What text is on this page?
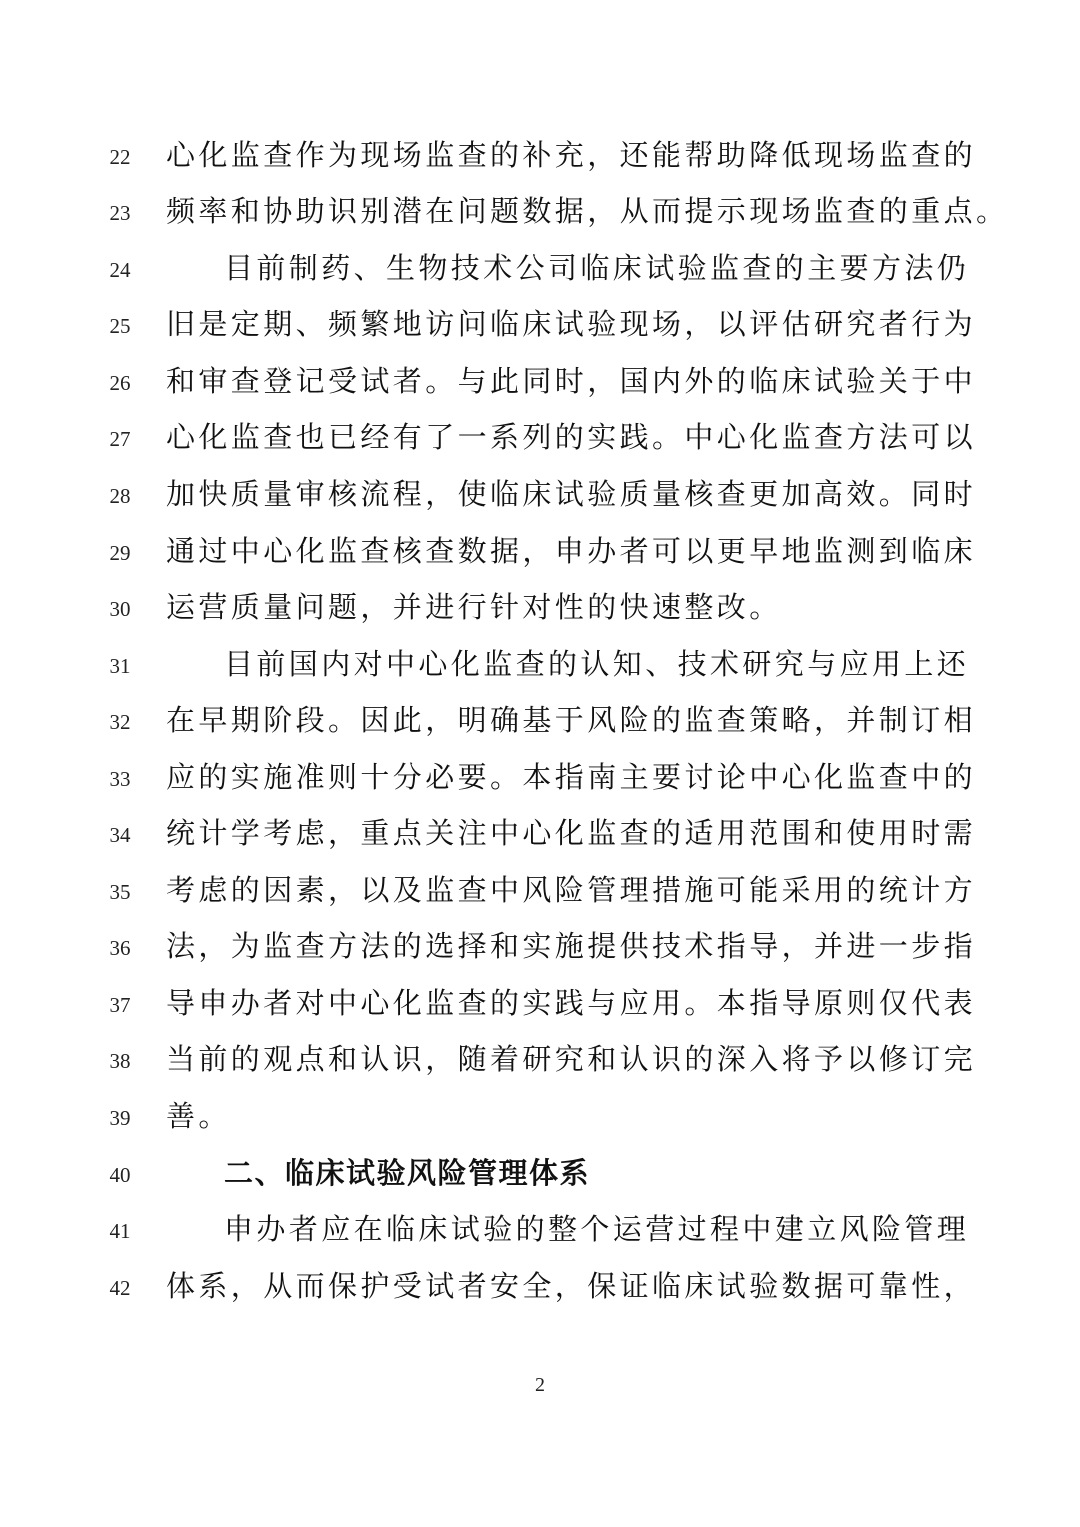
22	心化监查作为现场监查的补充，还能帮助降低现场监查的
23	频率和协助识别潜在问题数据，从而提示现场监查的重点。
24	目前制药、生物技术公司临床试验监查的主要方法仍
25	旧是定期、频繁地访问临床试验现场，以评估研究者行为
26	和审查登记受试者。与此同时，国内外的临床试验关于中
27	心化监查也已经有了一系列的实践。中心化监查方法可以
28	加快质量审核流程，使临床试验质量核查更加高效。同时
29	通过中心化监查核查数据，申办者可以更早地监测到临床
30	运营质量问题，并进行针对性的快速整改。
31	目前国内对中心化监查的认知、技术研究与应用上还
32	在早期阶段。因此，明确基于风险的监查策略，并制订相
33	应的实施准则十分必要。本指南主要讨论中心化监查中的
34	统计学考虑，重点关注中心化监查的适用范围和使用时需
35	考虑的因素，以及监查中风险管理措施可能采用的统计方
36	法，为监查方法的选择和实施提供技术指导，并进一步指
37	导申办者对中心化监查的实践与应用。本指导原则仅代表
38	当前的观点和认识，随着研究和认识的深入将予以修订完
39	善。
40	二、临床试验风险管理体系
41	申办者应在临床试验的整个运营过程中建立风险管理
42	体系，从而保护受试者安全，保证临床试验数据可靠性，
2
